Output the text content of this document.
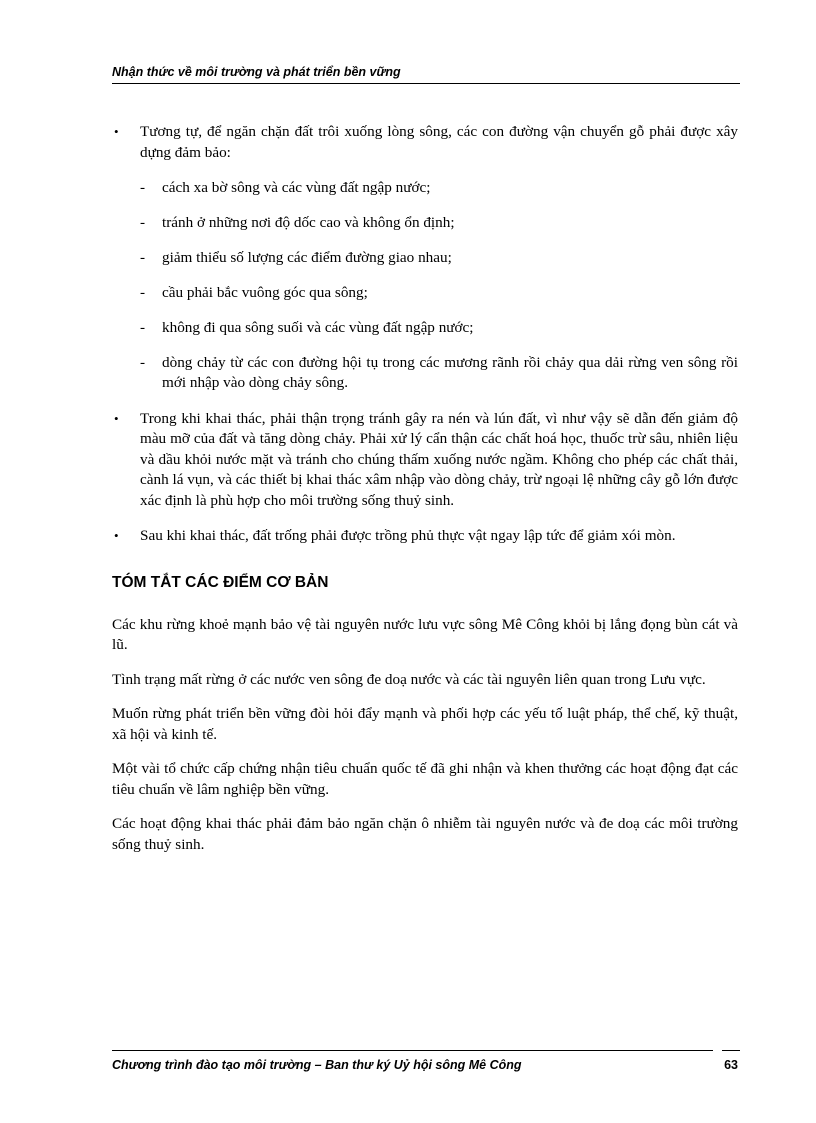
Nhận thức về môi trường và phát triển bền vững

• Tương tự, để ngăn chặn đất trôi xuống lòng sông, các con đường vận chuyển gỗ phải được xây dựng đảm bảo:
- cách xa bờ sông và các vùng đất ngập nước;
- tránh ở những nơi độ dốc cao và không ổn định;
- giảm thiểu số lượng các điểm đường giao nhau;
- cầu phải bắc vuông góc qua sông;
- không đi qua sông suối và các vùng đất ngập nước;
- dòng chảy từ các con đường hội tụ trong các mương rãnh rồi chảy qua dải rừng ven sông rồi mới nhập vào dòng chảy sông.
• Trong khi khai thác, phải thận trọng tránh gây ra nén và lún đất, vì như vậy sẽ dẫn đến giảm độ màu mỡ của đất và tăng dòng chảy. Phải xử lý cẩn thận các chất hoá học, thuốc trừ sâu, nhiên liệu và dầu khỏi nước mặt và tránh cho chúng thấm xuống nước ngầm. Không cho phép các chất thải, cành lá vụn, và các thiết bị khai thác xâm nhập vào dòng chảy, trừ ngoại lệ những cây gỗ lớn được xác định là phù hợp cho môi trường sống thuỷ sinh.
• Sau khi khai thác, đất trống phải được trồng phủ thực vật ngay lập tức để giảm xói mòn.
TÓM TẮT CÁC ĐIỂM CƠ BẢN

Các khu rừng khoẻ mạnh bảo vệ tài nguyên nước lưu vực sông Mê Công khỏi bị lắng đọng bùn cát và lũ.

Tình trạng mất rừng ở các nước ven sông đe doạ nước và các tài nguyên liên quan trong Lưu vực.

Muốn rừng phát triển bền vững đòi hỏi đẩy mạnh và phối hợp các yếu tố luật pháp, thể chế, kỹ thuật, xã hội và kinh tế.

Một vài tổ chức cấp chứng nhận tiêu chuẩn quốc tế đã ghi nhận và khen thưởng các hoạt động đạt các tiêu chuẩn về lâm nghiệp bền vững.

Các hoạt động khai thác phải đảm bảo ngăn chặn ô nhiễm tài nguyên nước và đe doạ các môi trường sống thuỷ sinh.

Chương trình đào tạo môi trường – Ban thư ký Uỷ hội sông Mê Công	63
